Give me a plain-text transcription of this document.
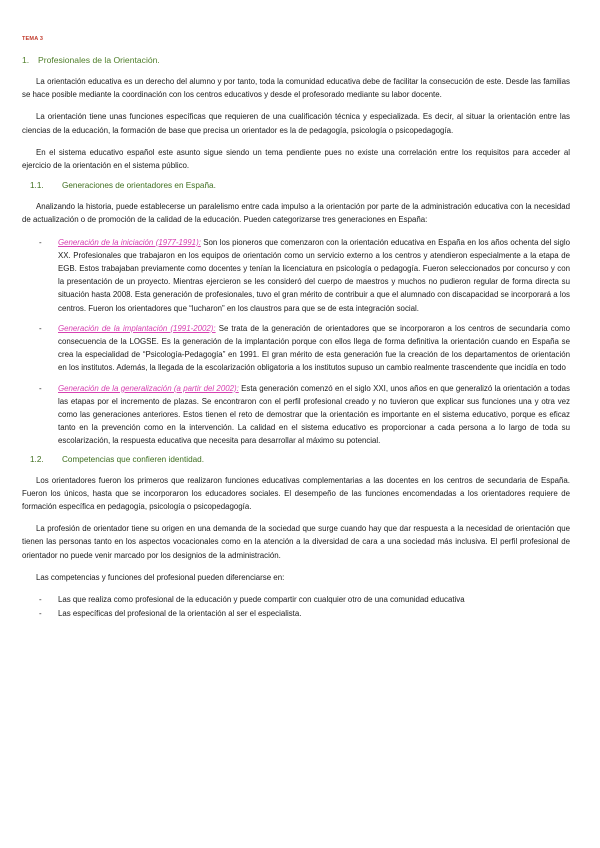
TEMA 3
1.	Profesionales de la Orientación.

La orientación educativa es un derecho del alumno y por tanto, toda la comunidad educativa debe de facilitar la consecución de este. Desde las familias se hace posible mediante la coordinación con los centros educativos y desde el profesorado mediante su labor docente.

La orientación tiene unas funciones específicas que requieren de una cualificación técnica y especializada. Es decir, al situar la orientación entre las ciencias de la educación, la formación de base que precisa un orientador es la de pedagogía, psicología o psicopedagogía.

En el sistema educativo español este asunto sigue siendo un tema pendiente pues no existe una correlación entre los requisitos para acceder al ejercicio de la orientación en el sistema público.

1.1.	Generaciones de orientadores en España.

Analizando la historia, puede establecerse un paralelismo entre cada impulso a la orientación por parte de la administración educativa con la necesidad de actualización o de promoción de la calidad de la educación. Pueden categorizarse tres generaciones en España:

- Generación de la iniciación (1977-1991): Son los pioneros que comenzaron con la orientación educativa en España en los años ochenta del siglo XX. Profesionales que trabajaron en los equipos de orientación como un servicio externo a los centros y atendieron especialmente a la etapa de EGB. Estos trabajaban previamente como docentes y tenían la licenciatura en psicología o pedagogía. Fueron seleccionados por concurso y con la presentación de un proyecto. Mientras ejercieron se les consideró del cuerpo de maestros y muchos no pudieron regular de forma directa su situación hasta 2008. Esta generación de profesionales, tuvo el gran mérito de contribuir a que el alumnado con discapacidad se incorporará a los centros. Fueron los orientadores que “lucharon” en los claustros para que se de esta integración social.
- Generación de la implantación (1991-2002): Se trata de la generación de orientadores que se incorporaron a los centros de secundaria como consecuencia de la LOGSE. Es la generación de la implantación porque con ellos llega de forma definitiva la orientación cuando en España se crea la especialidad de “Psicología-Pedagogía” en 1991. El gran mérito de esta generación fue la creación de los departamentos de orientación en los institutos. Además, la llegada de la escolarización obligatoria a los institutos supuso un cambio realmente trascendente que incidía en todo
- Generación de la generalización (a partir del 2002): Esta generación comenzó en el siglo XXI, unos años en que generalizó la orientación a todas las etapas por el incremento de plazas. Se encontraron con el perfil profesional creado y no tuvieron que explicar sus funciones una y otra vez como las generaciones anteriores. Estos tienen el reto de demostrar que la orientación es importante en el sistema educativo, porque es eficaz tanto en la prevención como en la intervención. La calidad en el sistema educativo es proporcionar a cada persona a lo largo de toda su escolarización, la respuesta educativa que necesita para desarrollar al máximo su potencial.
1.2.	Competencias que confieren identidad.

Los orientadores fueron los primeros que realizaron funciones educativas complementarias a las docentes en los centros de secundaria de España. Fueron los únicos, hasta que se incorporaron los educadores sociales. El desempeño de las funciones encomendadas a los orientadores requiere de formación específica en pedagogía, psicología o psicopedagogía.

La profesión de orientador tiene su origen en una demanda de la sociedad que surge cuando hay que dar respuesta a la necesidad de orientación que tienen las personas tanto en los aspectos vocacionales como en la atención a la diversidad de cara a una sociedad más inclusiva. El perfil profesional de orientador no puede venir marcado por los designios de la administración.

Las competencias y funciones del profesional pueden diferenciarse en:

- Las que realiza como profesional de la educación y puede compartir con cualquier otro de una comunidad educativa
- Las específicas del profesional de la orientación al ser el especialista.
